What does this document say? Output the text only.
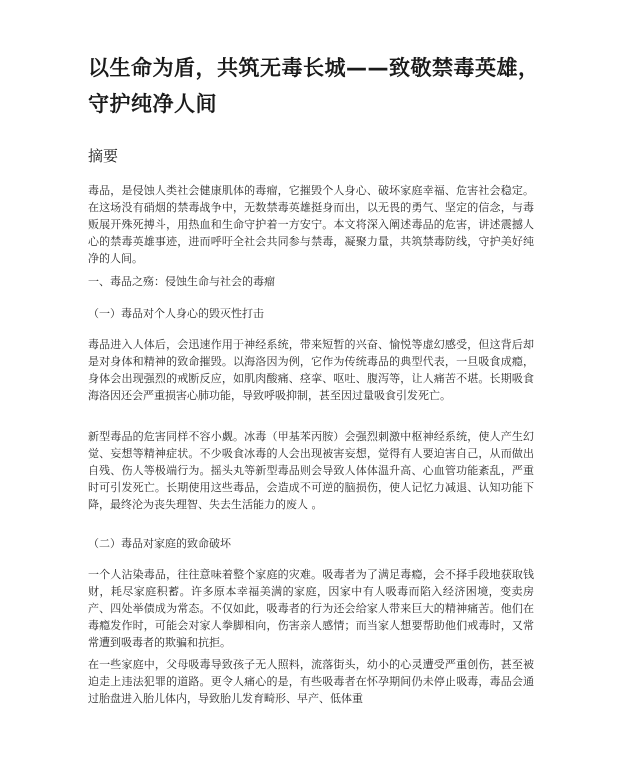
以生命为盾，共筑无毒长城——致敬禁毒英雄，守护纯净人间
摘要

毒品，是侵蚀人类社会健康肌体的毒瘤，它摧毁个人身心、破坏家庭幸福、危害社会稳定。在这场没有硝烟的禁毒战争中，无数禁毒英雄挺身而出，以无畏的勇气、坚定的信念，与毒贩展开殊死搏斗，用热血和生命守护着一方安宁。本文将深入阐述毒品的危害，讲述震撼人心的禁毒英雄事迹，进而呼吁全社会共同参与禁毒，凝聚力量，共筑禁毒防线，守护美好纯净的人间。

一、毒品之殇：侵蚀生命与社会的毒瘤
（一）毒品对个人身心的毁灭性打击

毒品进入人体后，会迅速作用于神经系统，带来短暂的兴奋、愉悦等虚幻感受，但这背后却是对身体和精神的致命摧毁。以海洛因为例，它作为传统毒品的典型代表，一旦吸食成瘾，身体会出现强烈的戒断反应，如肌肉酸痛、痉挛、呕吐、腹泻等，让人痛苦不堪。长期吸食海洛因还会严重损害心肺功能，导致呼吸抑制，甚至因过量吸食引发死亡。

新型毒品的危害同样不容小觑。冰毒（甲基苯丙胺）会强烈刺激中枢神经系统，使人产生幻觉、妄想等精神症状。不少吸食冰毒的人会出现被害妄想，觉得有人要迫害自己，从而做出自残、伤人等极端行为。摇头丸等新型毒品则会导致人体体温升高、心血管功能紊乱，严重时可引发死亡。长期使用这些毒品，会造成不可逆的脑损伤，使人记忆力减退、认知功能下降，最终沦为丧失理智、失去生活能力的废人 。

（二）毒品对家庭的致命破坏

一个人沾染毒品，往往意味着整个家庭的灾难。吸毒者为了满足毒瘾，会不择手段地获取钱财，耗尽家庭积蓄。许多原本幸福美满的家庭，因家中有人吸毒而陷入经济困境，变卖房产、四处举债成为常态。不仅如此，吸毒者的行为还会给家人带来巨大的精神痛苦。他们在毒瘾发作时，可能会对家人拳脚相向，伤害亲人感情；而当家人想要帮助他们戒毒时，又常常遭到吸毒者的欺骗和抗拒。

在一些家庭中，父母吸毒导致孩子无人照料，流落街头，幼小的心灵遭受严重创伤，甚至被迫走上违法犯罪的道路。更令人痛心的是，有些吸毒者在怀孕期间仍未停止吸毒，毒品会通过胎盘进入胎儿体内，导致胎儿发育畸形、早产、低体重
